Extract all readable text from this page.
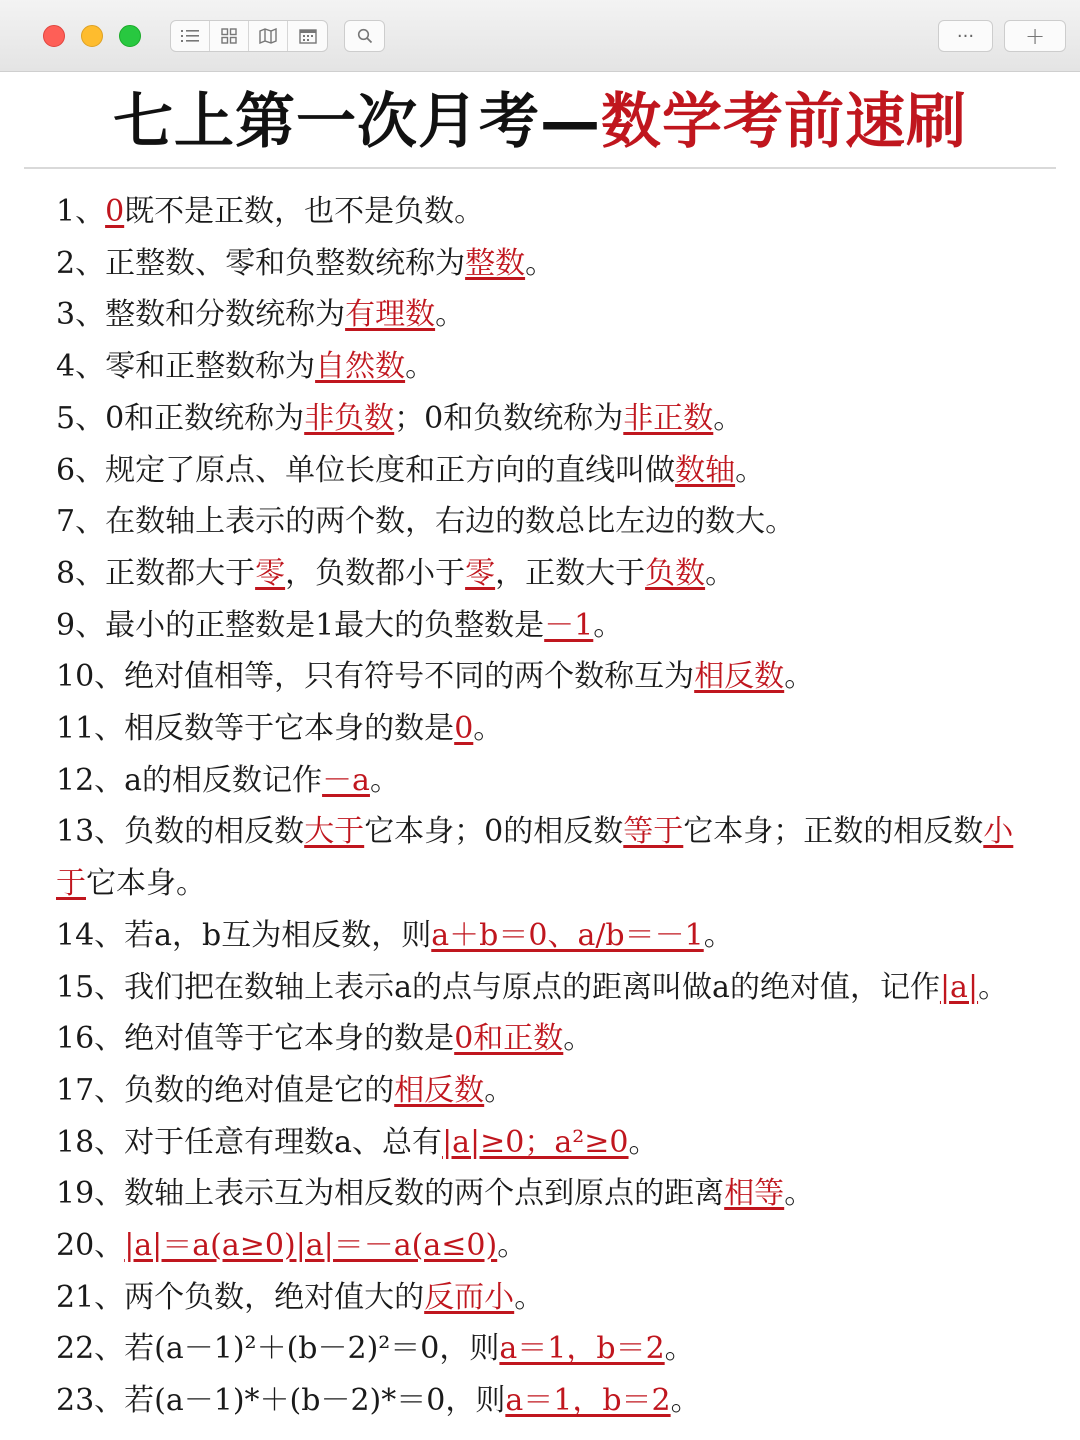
···	+
七上第一次月考—数学考前速刷
1、0既不是正数，也不是负数。
2、正整数、零和负整数统称为整数。
3、整数和分数统称为有理数。
4、零和正整数称为自然数。
5、0和正数统称为非负数；0和负数统称为非正数。
6、规定了原点、单位长度和正方向的直线叫做数轴。
7、在数轴上表示的两个数，右边的数总比左边的数大。
8、正数都大于零，负数都小于零，正数大于负数。
9、最小的正整数是1最大的负整数是－1。
10、绝对值相等，只有符号不同的两个数称互为相反数。
11、相反数等于它本身的数是0。
12、a的相反数记作－a。
13、负数的相反数大于它本身；0的相反数等于它本身；正数的相反数小于它本身。
14、若a，b互为相反数，则a＋b＝0、a/b＝－1。
15、我们把在数轴上表示a的点与原点的距离叫做a的绝对值，记作|a|。
16、绝对值等于它本身的数是0和正数。
17、负数的绝对值是它的相反数。
18、对于任意有理数a、总有|a|≥0；a²≥0。
19、数轴上表示互为相反数的两个点到原点的距离相等。
20、|a|＝a(a≥0)|a|＝－a(a≤0)。
21、两个负数，绝对值大的反而小。
22、若(a－1)²＋(b－2)²＝0，则a＝1，b＝2。
23、若(a－1)*＋(b－2)*＝0，则a＝1，b＝2。
